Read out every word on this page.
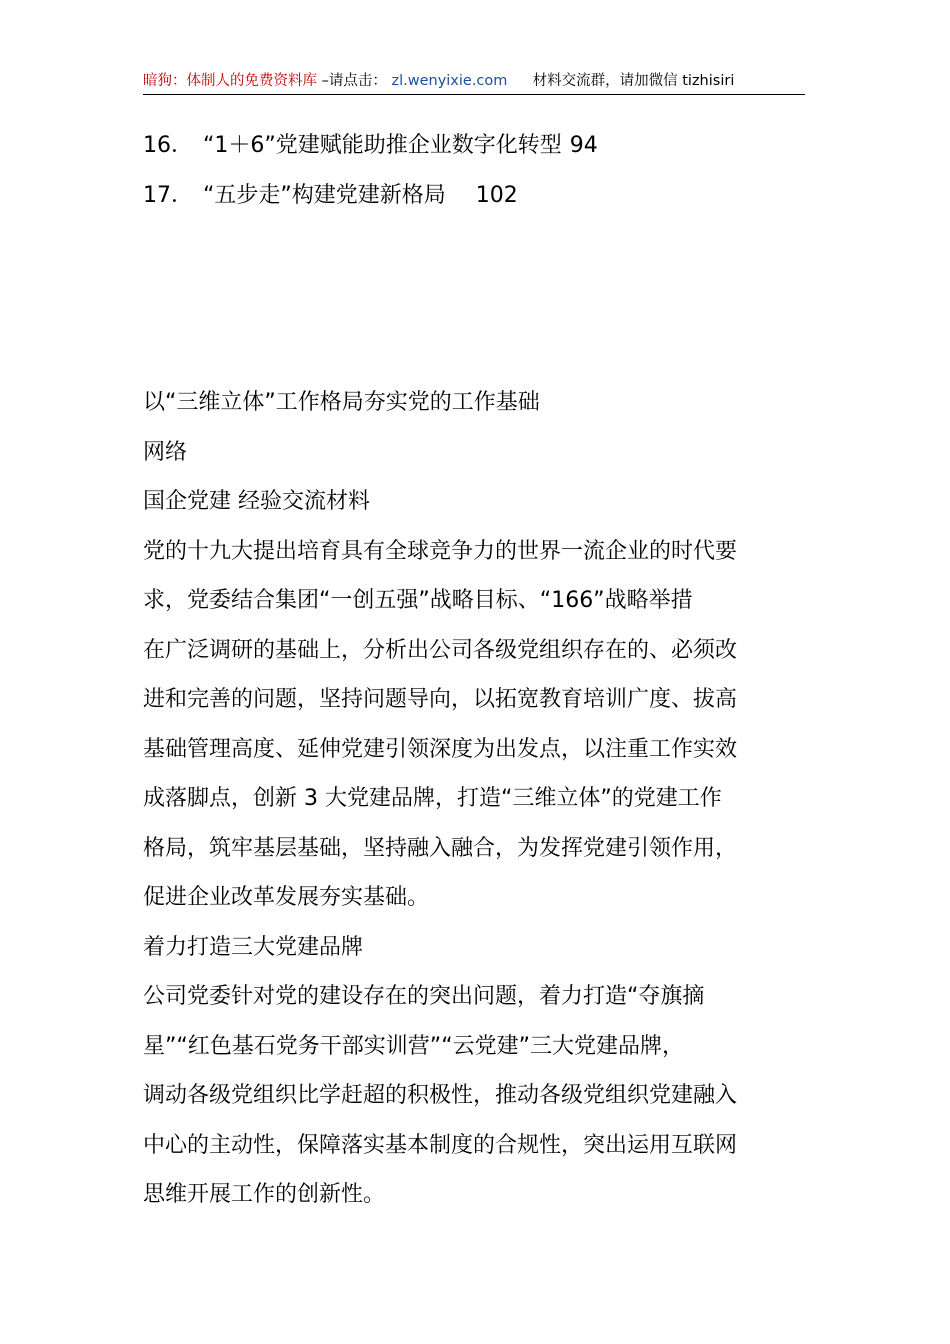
暗狗：体制人的免费资料库 –请点击： zl.wenyixie.com 材料交流群，请加微信 tizhisiri
16． “1＋6”党建赋能助推企业数字化转型 94
17． “五步走”构建党建新格局 102

以“三维立体”工作格局夯实党的工作基础

网络

国企党建 经验交流材料

党的十九大提出培育具有全球竞争力的世界一流企业的时代要

求，党委结合集团“一创五强”战略目标、“166”战略举措

在广泛调研的基础上，分析出公司各级党组织存在的、必须改

进和完善的问题，坚持问题导向，以拓宽教育培训广度、拔高

基础管理高度、延伸党建引领深度为出发点，以注重工作实效

成落脚点，创新 3 大党建品牌，打造“三维立体”的党建工作

格局，筑牢基层基础，坚持融入融合，为发挥党建引领作用，

促进企业改革发展夯实基础。

着力打造三大党建品牌

公司党委针对党的建设存在的突出问题，着力打造“夺旗摘

星”“红色基石党务干部实训营”“云党建”三大党建品牌，

调动各级党组织比学赶超的积极性，推动各级党组织党建融入

中心的主动性，保障落实基本制度的合规性，突出运用互联网

思维开展工作的创新性。
